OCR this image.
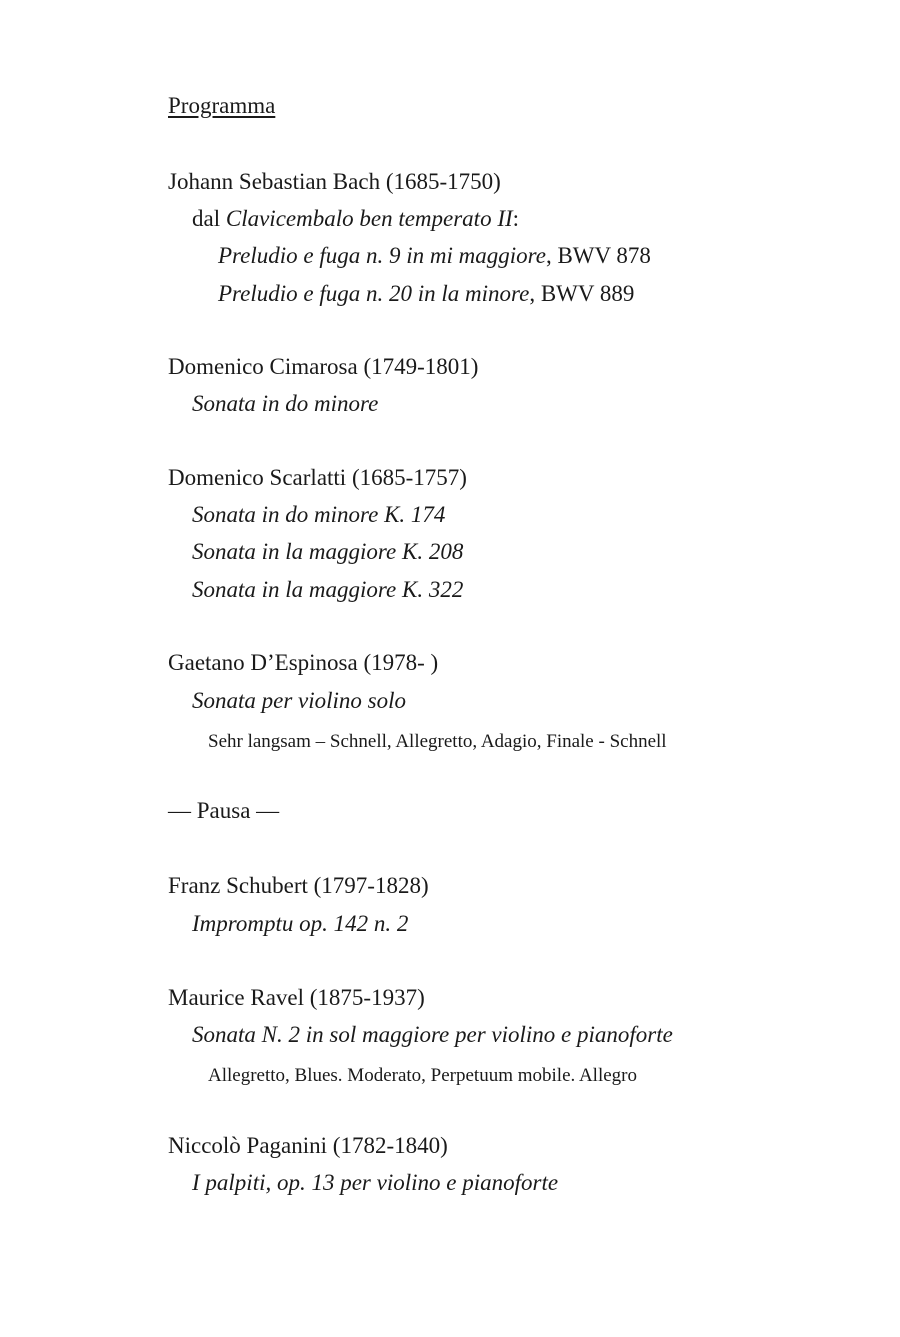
Programma
Johann Sebastian Bach (1685-1750)
dal Clavicembalo ben temperato II:
Preludio e fuga n. 9 in mi maggiore, BWV 878
Preludio e fuga n. 20 in la minore, BWV 889
Domenico Cimarosa (1749-1801)
Sonata in do minore
Domenico Scarlatti (1685-1757)
Sonata in do minore K. 174
Sonata in la maggiore K. 208
Sonata in la maggiore K. 322
Gaetano D’Espinosa (1978- )
Sonata per violino solo
Sehr langsam – Schnell, Allegretto, Adagio, Finale - Schnell
— Pausa —
Franz Schubert (1797-1828)
Impromptu op. 142 n. 2
Maurice Ravel (1875-1937)
Sonata N. 2 in sol maggiore per violino e pianoforte
Allegretto, Blues. Moderato, Perpetuum mobile. Allegro
Niccolò Paganini (1782-1840)
I palpiti, op. 13 per violino e pianoforte
